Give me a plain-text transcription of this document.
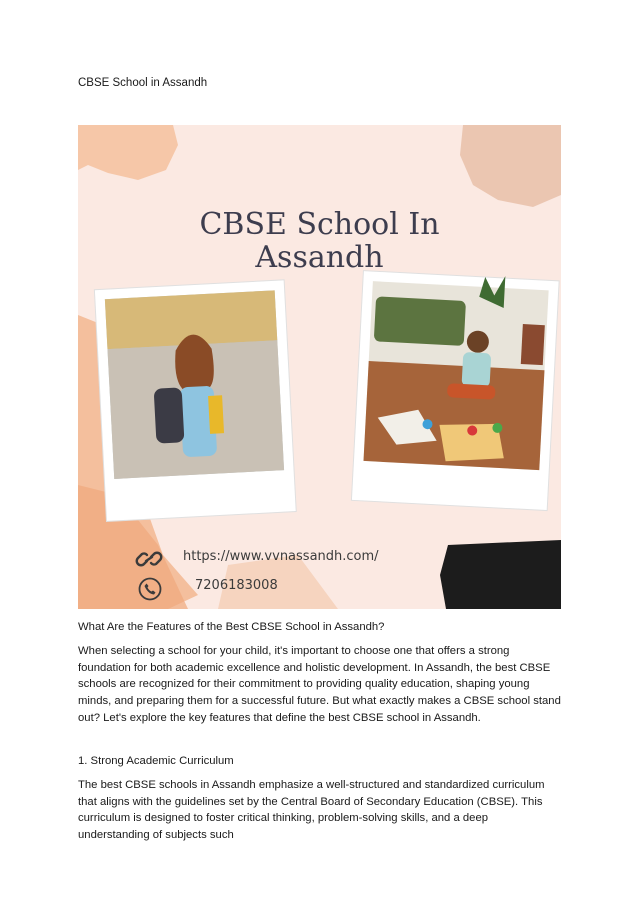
CBSE School in Assandh
CBSE School In
Assandh
https://www.vvnassandh.com/
7206183008
What Are the Features of the Best CBSE School in Assandh?
When selecting a school for your child, it's important to choose one that offers a strong foundation for both academic excellence and holistic development. In Assandh, the best CBSE schools are recognized for their commitment to providing quality education, shaping young minds, and preparing them for a successful future. But what exactly makes a CBSE school stand out? Let's explore the key features that define the best CBSE school in Assandh.
1. Strong Academic Curriculum
The best CBSE schools in Assandh emphasize a well-structured and standardized curriculum that aligns with the guidelines set by the Central Board of Secondary Education (CBSE). This curriculum is designed to foster critical thinking, problem-solving skills, and a deep understanding of subjects such
